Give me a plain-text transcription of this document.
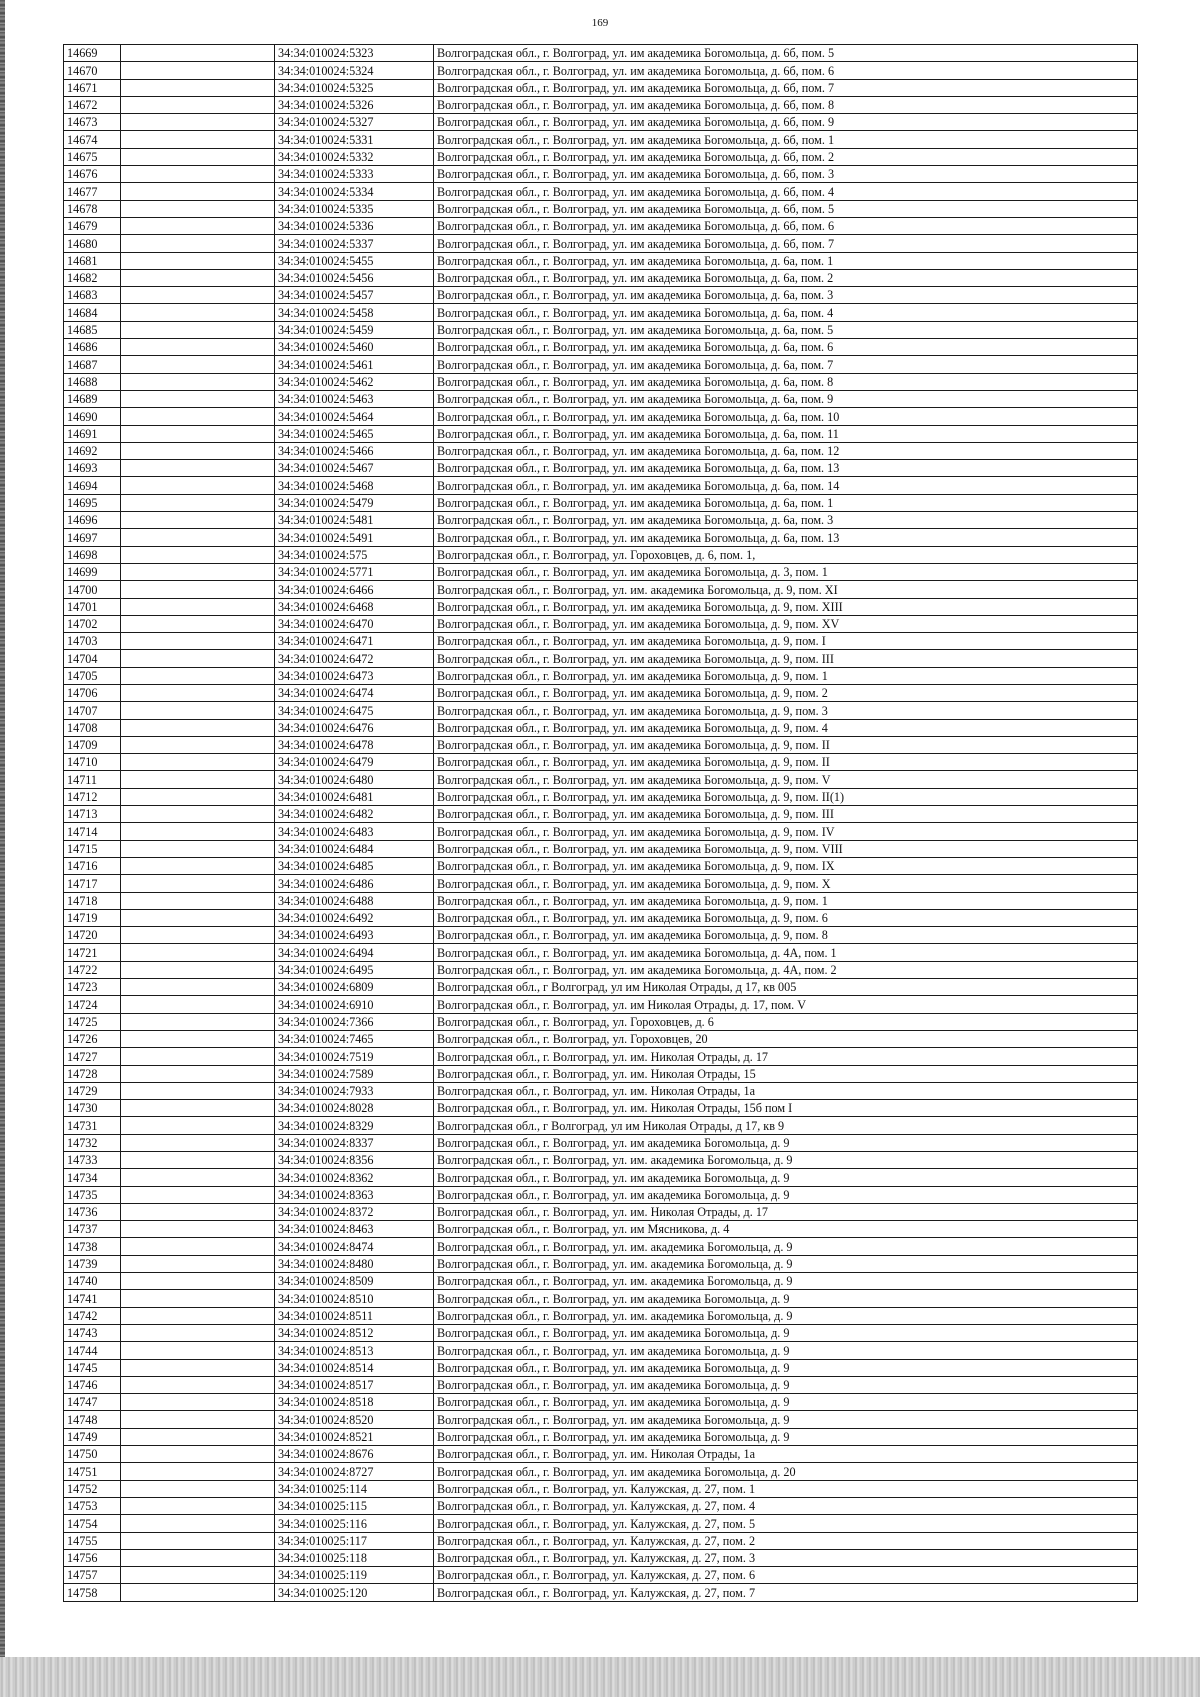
169
14669		34:34:010024:5323	Волгоградская обл., г. Волгоград, ул. им академика Богомольца, д. 6б, пом. 5
14670		34:34:010024:5324	Волгоградская обл., г. Волгоград, ул. им академика Богомольца, д. 6б, пом. 6
14671		34:34:010024:5325	Волгоградская обл., г. Волгоград, ул. им академика Богомольца, д. 6б, пом. 7
14672		34:34:010024:5326	Волгоградская обл., г. Волгоград, ул. им академика Богомольца, д. 6б, пом. 8
14673		34:34:010024:5327	Волгоградская обл., г. Волгоград, ул. им академика Богомольца, д. 6б, пом. 9
14674		34:34:010024:5331	Волгоградская обл., г. Волгоград, ул. им академика Богомольца, д. 6б, пом. 1
14675		34:34:010024:5332	Волгоградская обл., г. Волгоград, ул. им академика Богомольца, д. 6б, пом. 2
14676		34:34:010024:5333	Волгоградская обл., г. Волгоград, ул. им академика Богомольца, д. 6б, пом. 3
14677		34:34:010024:5334	Волгоградская обл., г. Волгоград, ул. им академика Богомольца, д. 6б, пом. 4
14678		34:34:010024:5335	Волгоградская обл., г. Волгоград, ул. им академика Богомольца, д. 6б, пом. 5
14679		34:34:010024:5336	Волгоградская обл., г. Волгоград, ул. им академика Богомольца, д. 6б, пом. 6
14680		34:34:010024:5337	Волгоградская обл., г. Волгоград, ул. им академика Богомольца, д. 6б, пом. 7
14681		34:34:010024:5455	Волгоградская обл., г. Волгоград, ул. им академика Богомольца, д. 6а, пом. 1
14682		34:34:010024:5456	Волгоградская обл., г. Волгоград, ул. им академика Богомольца, д. 6а, пом. 2
14683		34:34:010024:5457	Волгоградская обл., г. Волгоград, ул. им академика Богомольца, д. 6а, пом. 3
14684		34:34:010024:5458	Волгоградская обл., г. Волгоград, ул. им академика Богомольца, д. 6а, пом. 4
14685		34:34:010024:5459	Волгоградская обл., г. Волгоград, ул. им академика Богомольца, д. 6а, пом. 5
14686		34:34:010024:5460	Волгоградская обл., г. Волгоград, ул. им академика Богомольца, д. 6а, пом. 6
14687		34:34:010024:5461	Волгоградская обл., г. Волгоград, ул. им академика Богомольца, д. 6а, пом. 7
14688		34:34:010024:5462	Волгоградская обл., г. Волгоград, ул. им академика Богомольца, д. 6а, пом. 8
14689		34:34:010024:5463	Волгоградская обл., г. Волгоград, ул. им академика Богомольца, д. 6а, пом. 9
14690		34:34:010024:5464	Волгоградская обл., г. Волгоград, ул. им академика Богомольца, д. 6а, пом. 10
14691		34:34:010024:5465	Волгоградская обл., г. Волгоград, ул. им академика Богомольца, д. 6а, пом. 11
14692		34:34:010024:5466	Волгоградская обл., г. Волгоград, ул. им академика Богомольца, д. 6а, пом. 12
14693		34:34:010024:5467	Волгоградская обл., г. Волгоград, ул. им академика Богомольца, д. 6а, пом. 13
14694		34:34:010024:5468	Волгоградская обл., г. Волгоград, ул. им академика Богомольца, д. 6а, пом. 14
14695		34:34:010024:5479	Волгоградская обл., г. Волгоград, ул. им академика Богомольца, д. 6а, пом. 1
14696		34:34:010024:5481	Волгоградская обл., г. Волгоград, ул. им академика Богомольца, д. 6а, пом. 3
14697		34:34:010024:5491	Волгоградская обл., г. Волгоград, ул. им академика Богомольца, д. 6а, пом. 13
14698		34:34:010024:575	Волгоградская обл., г. Волгоград, ул. Гороховцев, д. 6, пом. 1,
14699		34:34:010024:5771	Волгоградская обл., г. Волгоград, ул. им академика Богомольца, д. 3, пом. 1
14700		34:34:010024:6466	Волгоградская обл., г. Волгоград, ул. им. академика Богомольца, д. 9, пом. XI
14701		34:34:010024:6468	Волгоградская обл., г. Волгоград, ул. им академика Богомольца, д. 9, пом. XIII
14702		34:34:010024:6470	Волгоградская обл., г. Волгоград, ул. им академика Богомольца, д. 9, пом. XV
14703		34:34:010024:6471	Волгоградская обл., г. Волгоград, ул. им академика Богомольца, д. 9, пом. I
14704		34:34:010024:6472	Волгоградская обл., г. Волгоград, ул. им академика Богомольца, д. 9, пом. III
14705		34:34:010024:6473	Волгоградская обл., г. Волгоград, ул. им академика Богомольца, д. 9, пом. 1
14706		34:34:010024:6474	Волгоградская обл., г. Волгоград, ул. им академика Богомольца, д. 9, пом. 2
14707		34:34:010024:6475	Волгоградская обл., г. Волгоград, ул. им академика Богомольца, д. 9, пом. 3
14708		34:34:010024:6476	Волгоградская обл., г. Волгоград, ул. им академика Богомольца, д. 9, пом. 4
14709		34:34:010024:6478	Волгоградская обл., г. Волгоград, ул. им академика Богомольца, д. 9, пом. II
14710		34:34:010024:6479	Волгоградская обл., г. Волгоград, ул. им академика Богомольца, д. 9, пом. II
14711		34:34:010024:6480	Волгоградская обл., г. Волгоград, ул. им академика Богомольца, д. 9, пом. V
14712		34:34:010024:6481	Волгоградская обл., г. Волгоград, ул. им академика Богомольца, д. 9, пом. II(1)
14713		34:34:010024:6482	Волгоградская обл., г. Волгоград, ул. им академика Богомольца, д. 9, пом. III
14714		34:34:010024:6483	Волгоградская обл., г. Волгоград, ул. им академика Богомольца, д. 9, пом. IV
14715		34:34:010024:6484	Волгоградская обл., г. Волгоград, ул. им академика Богомольца, д. 9, пом. VIII
14716		34:34:010024:6485	Волгоградская обл., г. Волгоград, ул. им академика Богомольца, д. 9, пом. IX
14717		34:34:010024:6486	Волгоградская обл., г. Волгоград, ул. им академика Богомольца, д. 9, пом. X
14718		34:34:010024:6488	Волгоградская обл., г. Волгоград, ул. им академика Богомольца, д. 9, пом. 1
14719		34:34:010024:6492	Волгоградская обл., г. Волгоград, ул. им академика Богомольца, д. 9, пом. 6
14720		34:34:010024:6493	Волгоградская обл., г. Волгоград, ул. им академика Богомольца, д. 9, пом. 8
14721		34:34:010024:6494	Волгоградская обл., г. Волгоград, ул. им академика Богомольца, д. 4А, пом. 1
14722		34:34:010024:6495	Волгоградская обл., г. Волгоград, ул. им академика Богомольца, д. 4А, пом. 2
14723		34:34:010024:6809	Волгоградская обл., г Волгоград, ул им Николая Отрады, д 17, кв 005
14724		34:34:010024:6910	Волгоградская обл., г. Волгоград, ул. им Николая Отрады, д. 17, пом. V
14725		34:34:010024:7366	Волгоградская обл., г. Волгоград, ул. Гороховцев, д. 6
14726		34:34:010024:7465	Волгоградская обл., г. Волгоград, ул. Гороховцев, 20
14727		34:34:010024:7519	Волгоградская обл., г. Волгоград, ул. им. Николая Отрады, д. 17
14728		34:34:010024:7589	Волгоградская обл., г. Волгоград, ул. им. Николая Отрады, 15
14729		34:34:010024:7933	Волгоградская обл., г. Волгоград, ул. им. Николая Отрады, 1а
14730		34:34:010024:8028	Волгоградская обл., г. Волгоград, ул. им. Николая Отрады, 15б пом I
14731		34:34:010024:8329	Волгоградская обл., г Волгоград, ул им Николая Отрады, д 17, кв 9
14732		34:34:010024:8337	Волгоградская обл., г. Волгоград, ул. им академика Богомольца, д. 9
14733		34:34:010024:8356	Волгоградская обл., г. Волгоград, ул. им. академика Богомольца, д. 9
14734		34:34:010024:8362	Волгоградская обл., г. Волгоград, ул. им академика Богомольца, д. 9
14735		34:34:010024:8363	Волгоградская обл., г. Волгоград, ул. им академика Богомольца, д. 9
14736		34:34:010024:8372	Волгоградская обл., г. Волгоград, ул. им. Николая Отрады, д. 17
14737		34:34:010024:8463	Волгоградская обл., г. Волгоград, ул. им Мясникова, д. 4
14738		34:34:010024:8474	Волгоградская обл., г. Волгоград, ул. им. академика Богомольца, д. 9
14739		34:34:010024:8480	Волгоградская обл., г. Волгоград, ул. им. академика Богомольца, д. 9
14740		34:34:010024:8509	Волгоградская обл., г. Волгоград, ул. им. академика Богомольца, д. 9
14741		34:34:010024:8510	Волгоградская обл., г. Волгоград, ул. им академика Богомольца, д. 9
14742		34:34:010024:8511	Волгоградская обл., г. Волгоград, ул. им. академика Богомольца, д. 9
14743		34:34:010024:8512	Волгоградская обл., г. Волгоград, ул. им академика Богомольца, д. 9
14744		34:34:010024:8513	Волгоградская обл., г. Волгоград, ул. им академика Богомольца, д. 9
14745		34:34:010024:8514	Волгоградская обл., г. Волгоград, ул. им академика Богомольца, д. 9
14746		34:34:010024:8517	Волгоградская обл., г. Волгоград, ул. им академика Богомольца, д. 9
14747		34:34:010024:8518	Волгоградская обл., г. Волгоград, ул. им академика Богомольца, д. 9
14748		34:34:010024:8520	Волгоградская обл., г. Волгоград, ул. им академика Богомольца, д. 9
14749		34:34:010024:8521	Волгоградская обл., г. Волгоград, ул. им академика Богомольца, д. 9
14750		34:34:010024:8676	Волгоградская обл., г. Волгоград, ул. им. Николая Отрады, 1а
14751		34:34:010024:8727	Волгоградская обл., г. Волгоград, ул. им академика Богомольца, д. 20
14752		34:34:010025:114	Волгоградская обл., г. Волгоград, ул. Калужская, д. 27, пом. 1
14753		34:34:010025:115	Волгоградская обл., г. Волгоград, ул. Калужская, д. 27, пом. 4
14754		34:34:010025:116	Волгоградская обл., г. Волгоград, ул. Калужская, д. 27, пом. 5
14755		34:34:010025:117	Волгоградская обл., г. Волгоград, ул. Калужская, д. 27, пом. 2
14756		34:34:010025:118	Волгоградская обл., г. Волгоград, ул. Калужская, д. 27, пом. 3
14757		34:34:010025:119	Волгоградская обл., г. Волгоград, ул. Калужская, д. 27, пом. 6
14758		34:34:010025:120	Волгоградская обл., г. Волгоград, ул. Калужская, д. 27, пом. 7
